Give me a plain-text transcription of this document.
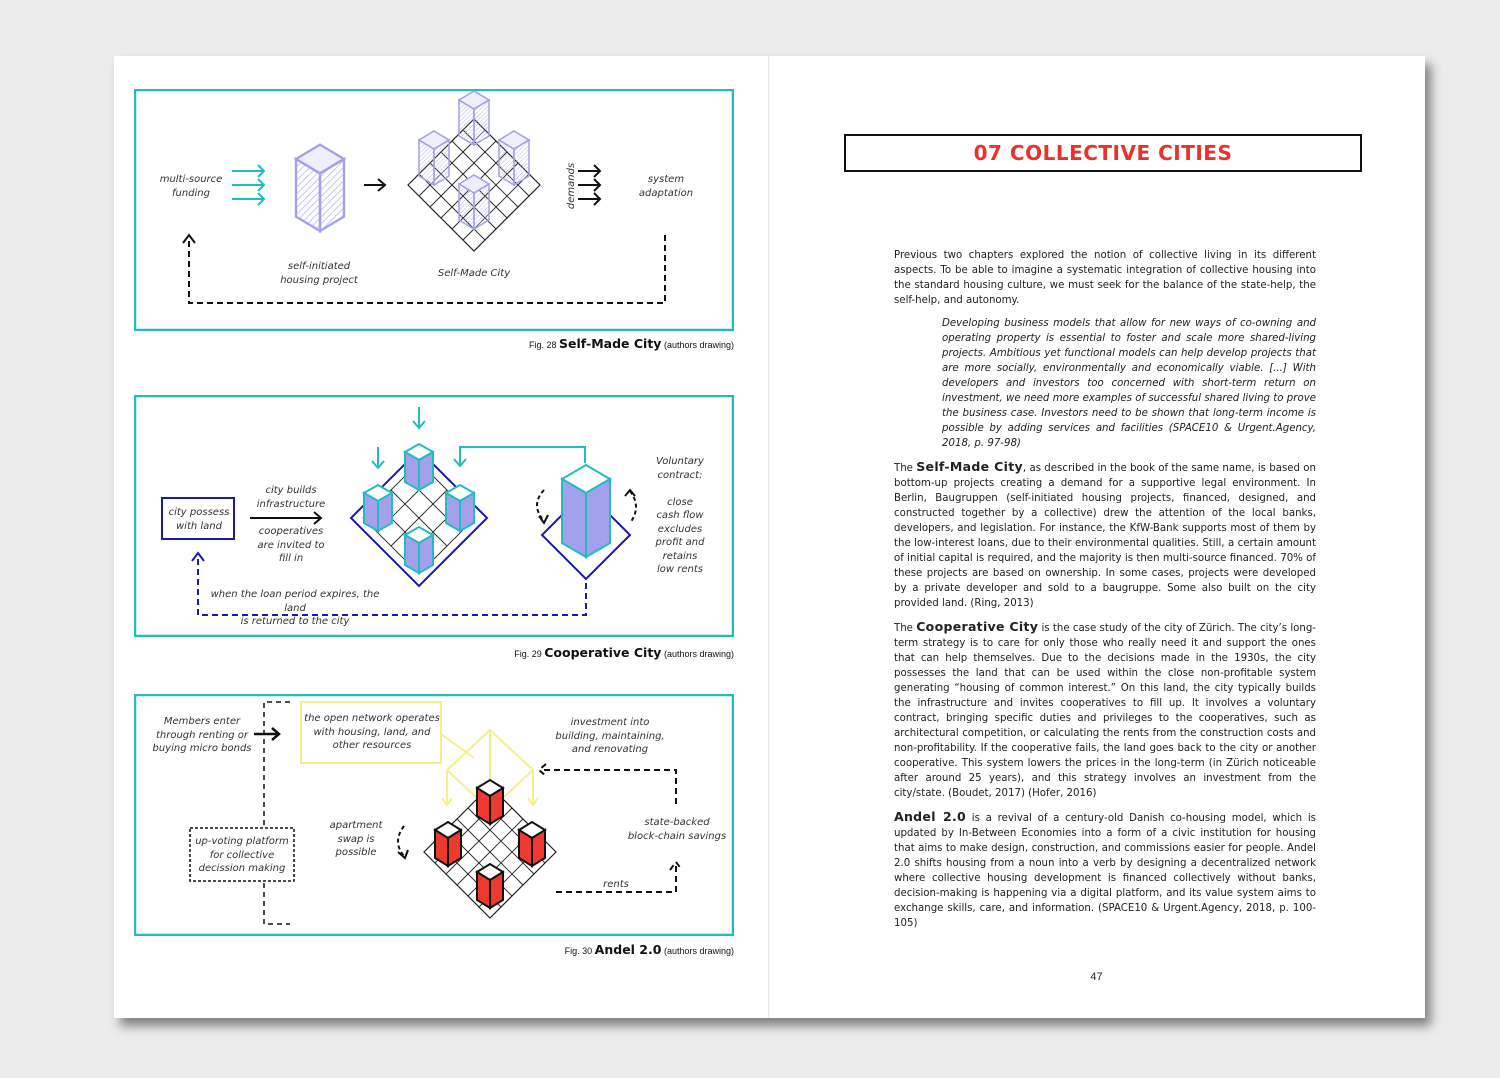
multi-source
funding
self-initiated
housing project
Self-Made City
demands	system
adaptation
Fig. 28 Self-Made City (authors drawing)
city possess
with land
city builds
infrastructure
cooperatives
are invited to
fill in
Voluntary
contract:

close
cash flow
excludes
profit and
retains
low rents
when the loan period expires, the land
is returned to the city
Fig. 29 Cooperative City (authors drawing)
Members enter
through renting or
buying micro bonds
the open network operates
with housing, land, and
other resources
investment into
building, maintaining,
and renovating
up-voting platform
for collective
decission making
apartment
swap is
possible
state-backed
block-chain savings
rents
Fig. 30 Andel 2.0 (authors drawing)
07 COLLECTIVE CITIES

Previous two chapters explored the notion of collective living in its different aspects. To be able to imagine a systematic integration of collective housing into the standard housing culture, we must seek for the balance of the state-help, the self-help, and autonomy.

Developing business models that allow for new ways of co-owning and operating property is essential to foster and scale more shared-living projects. Ambitious yet functional models can help develop projects that are more socially, environmentally and economically viable. [...] With developers and investors too concerned with short-term return on investment, we need more examples of successful shared living to prove the business case. Investors need to be shown that long-term income is possible by adding services and facilities (SPACE10 & Urgent.Agency, 2018, p. 97-98)

The Self-Made City, as described in the book of the same name, is based on bottom-up projects creating a demand for a supportive legal environment. In Berlin, Baugruppen (self-initiated housing projects, financed, designed, and constructed together by a collective) drew the attention of the local banks, developers, and legislation. For instance, the KfW-Bank supports most of them by the low-interest loans, due to their environmental qualities. Still, a certain amount of initial capital is required, and the majority is then multi-source financed. 70% of these projects are based on ownership. In some cases, projects were developed by a private developer and sold to a baugruppe. Some also built on the city provided land. (Ring, 2013)

The Cooperative City is the case study of the city of Zürich. The city’s long-term strategy is to care for only those who really need it and support the ones that can help themselves. Due to the decisions made in the 1930s, the city possesses the land that can be used within the close non-profitable system generating “housing of common interest.” On this land, the city typically builds the infrastructure and invites cooperatives to fill up. It involves a voluntary contract, bringing specific duties and privileges to the cooperatives, such as architectural competition, or calculating the rents from the construction costs and non-profitability. If the cooperative fails, the land goes back to the city or another cooperative. This system lowers the prices in the long-term (in Zürich noticeable after around 25 years), and this strategy involves an investment from the city/state. (Boudet, 2017) (Hofer, 2016)

Andel 2.0 is a revival of a century-old Danish co-housing model, which is updated by In-Between Economies into a form of a civic institution for housing that aims to make design, construction, and commissions easier for people. Andel 2.0 shifts housing from a noun into a verb by designing a decentralized network where collective housing development is financed collectively without banks, decision-making is happening via a digital platform, and its value system aims to exchange skills, care, and information. (SPACE10 & Urgent.Agency, 2018, p. 100-105)

47
